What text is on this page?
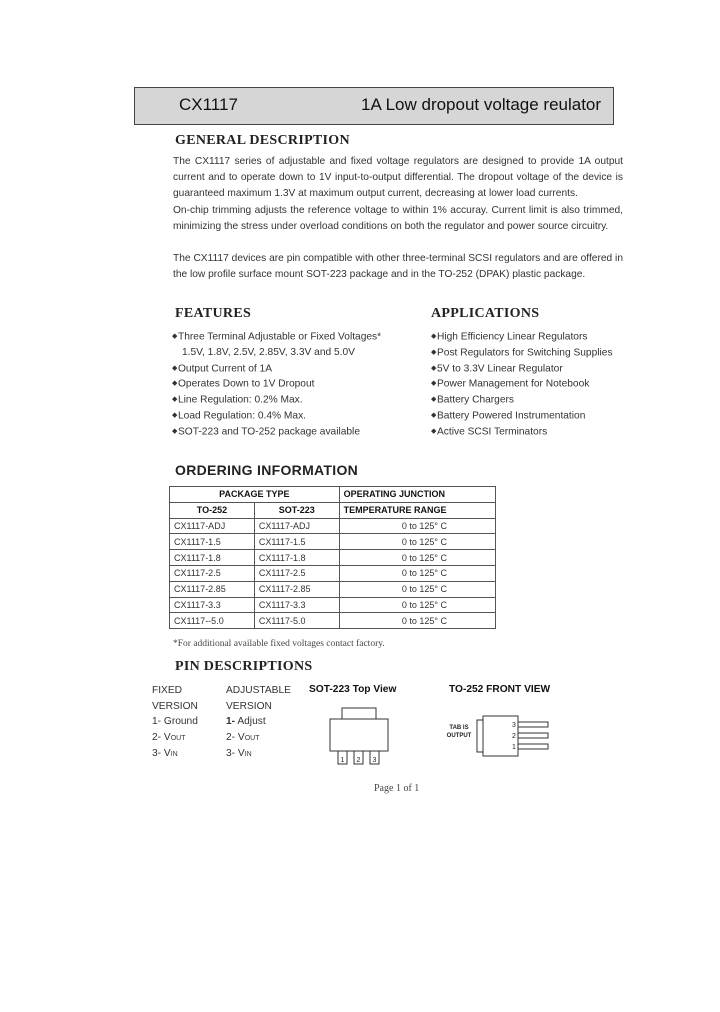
CX1117	1A Low dropout voltage reulator
GENERAL DESCRIPTION

The CX1117 series of adjustable and fixed voltage regulators are designed to provide 1A output current and to operate down to 1V input-to-output differential. The dropout voltage of the device is guaranteed maximum 1.3V at maximum output current, decreasing at lower load currents.

On-chip trimming adjusts the reference voltage to within 1% accuray. Current limit is also trimmed, minimizing the stress under overload conditions on both the regulator and power source circuitry.

The CX1117 devices are pin compatible with other three-terminal SCSI regulators and are offered in the low profile surface mount SOT-223 package and in the TO-252 (DPAK) plastic package.

FEATURES
◆Three Terminal Adjustable or Fixed Voltages*
1.5V, 1.8V, 2.5V, 2.85V, 3.3V and 5.0V
◆Output Current of 1A
◆Operates Down to 1V Dropout
◆Line Regulation: 0.2% Max.
◆Load Regulation: 0.4% Max.
◆SOT-223 and TO-252 package available
APPLICATIONS
◆High Efficiency Linear Regulators
◆Post Regulators for Switching Supplies
◆5V to 3.3V Linear Regulator
◆Power Management for Notebook
◆Battery Chargers
◆Battery Powered Instrumentation
◆Active SCSI Terminators
ORDERING INFORMATION
PACKAGE TYPE		OPERATING JUNCTION
TO-252	SOT-223	TEMPERATURE RANGE
CX1117-ADJ	CX1117-ADJ	0 to 125° C
CX1117-1.5	CX1117-1.5	0 to 125° C
CX1117-1.8	CX1117-1.8	0 to 125° C
CX1117-2.5	CX1117-2.5	0 to 125° C
CX1117-2.85	CX1117-2.85	0 to 125° C
CX1117-3.3	CX1117-3.3	0 to 125° C
CX1117--5.0	CX1117-5.0	0 to 125° C
*For additional available fixed voltages contact factory.
PIN DESCRIPTIONS
FIXED
VERSION
1- Ground
2- VOUT
3- VIN
ADJUSTABLE
VERSION
1- Adjust
2- VOUT
3- VIN
SOT-223 Top View	TO-252 FRONT VIEW
1 2 3
TAB IS
OUTPUT
3
2
1
Page 1 of 1
